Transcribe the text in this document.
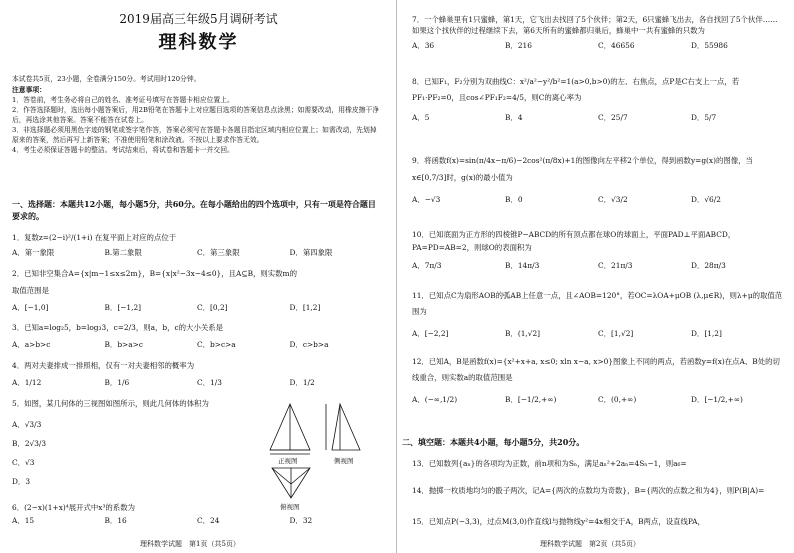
2019届高三年级5月调研考试
理科数学
本试卷共5页，23小题，全卷满分150分。考试用时120分钟。
注意事项：
1．答卷前，考生务必将自己的姓名、准考证号填写在答题卡相应位置上。
2．作答选择题时，选出每小题答案后，用2B铅笔在答题卡上对应题目选项的答案信息点涂黑；如需要改动，用橡皮擦干净后，再选涂其他答案。答案不能答在试卷上。
3．非选择题必须用黑色字迹的钢笔或签字笔作答，答案必须写在答题卡各题目指定区域内相应位置上；如需改动，先划掉原来的答案，然后再写上新答案；不准使用铅笔和涂改液。不按以上要求作答无效。
4．考生必须保证答题卡的整洁。考试结束后，将试卷和答题卡一并交回。
一、选择题：本题共12小题，每小题5分，共60分。在每小题给出的四个选项中，只有一项是符合题目要求的。
1．复数z=(2−i)²/(1+i) 在复平面上对应的点位于
A．第一象限	B.第二象限	C．第三象限	D．第四象限
2．已知非空集合A={x|m−1≤x≤2m}，B={x|x²−3x−4≤0}，且A⊆B，则实数m的
取值范围是
A．[−1,0]	B．[−1,2]	C．[0,2]	D．[1,2]
3．已知a=log₂5，b=log₃3，c=2/3，则a，b，c的大小关系是
A．a>b>c	B．b>a>c	C．b>c>a	D．c>b>a
4．两对夫妻排成一排照相，仅有一对夫妻相邻的概率为
A．1/12	B．1/6	C．1/3	D．1/2
5．如图，某几何体的三视图如图所示，则此几何体的体积为
A．√3/3
B．2√3/3
C．√3
D．3
正视图	侧视图
俯视图
6．(2−x)(1+x)⁴展开式中x³的系数为
A．15	B．16	C．24	D．32
理科数学试题　第1页（共5页）
7．一个蜂巢里有1只蜜蜂，第1天，它飞出去找回了5个伙伴；第2天，6只蜜蜂飞出去，各自找回了5个伙伴……如果这个找伙伴的过程继续下去，第6天所有的蜜蜂都归巢后，蜂巢中一共有蜜蜂的只数为
A．36	B．216	C．46656	D．55986
8．已知F₁，F₂分别为双曲线C：x²/a²−y²/b²=1(a>0,b>0)的左、右焦点，点P是C右支上一点，若PF₁·PF₂=0，且cos∠PF₁F₂=4/5，则C的离心率为
A．5	B．4	C．25/7	D．5/7
9．将函数f(x)=sin(π/4x−π/6)−2cos²(π/8x)+1的图像向左平移2个单位，得到函数y=g(x)的图像，当x∈[0,7/3]时，g(x)的最小值为
A．−√3	B．0	C．√3/2	D．√6/2
10．已知底面为正方形的四棱锥P−ABCD的所有顶点都在球O的球面上，平面PAD⊥平面ABCD，PA=PD=AB=2，则球O的表面积为
A．7π/3	B．14π/3	C．21π/3	D．28π/3
11．已知点C为扇形AOB的弧AB上任意一点，且∠AOB=120°，若OC=λOA+μOB (λ,μ∈R)，则λ+μ的取值范围为
A．[−2,2]	B．(1,√2]	C．[1,√2]	D．[1,2]
12．已知A，B是函数f(x)={x²+x+a, x≤0; xln x−a, x>0}图象上不同的两点，若函数y=f(x)在点A、B处的切线重合，则实数a的取值范围是
A．(−∞,1/2)	B．[−1/2,+∞)	C．(0,+∞)	D．[−1/2,+∞)
二、填空题：本题共4小题，每小题5分，共20分。
13．已知数列{aₙ}的各项均为正数，前n项和为Sₙ，满足aₙ²+2aₙ=4Sₙ−1，则a₆=
14．抛掷一枚质地均匀的骰子两次，记A={两次的点数均为奇数}，B={两次的点数之和为4}，则P(B|A)=
15．已知点P(−3,3)，过点M(3,0)作直线l与抛物线y²=4x相交于A，B两点，设直线PA，
理科数学试题　第2页（共5页）
